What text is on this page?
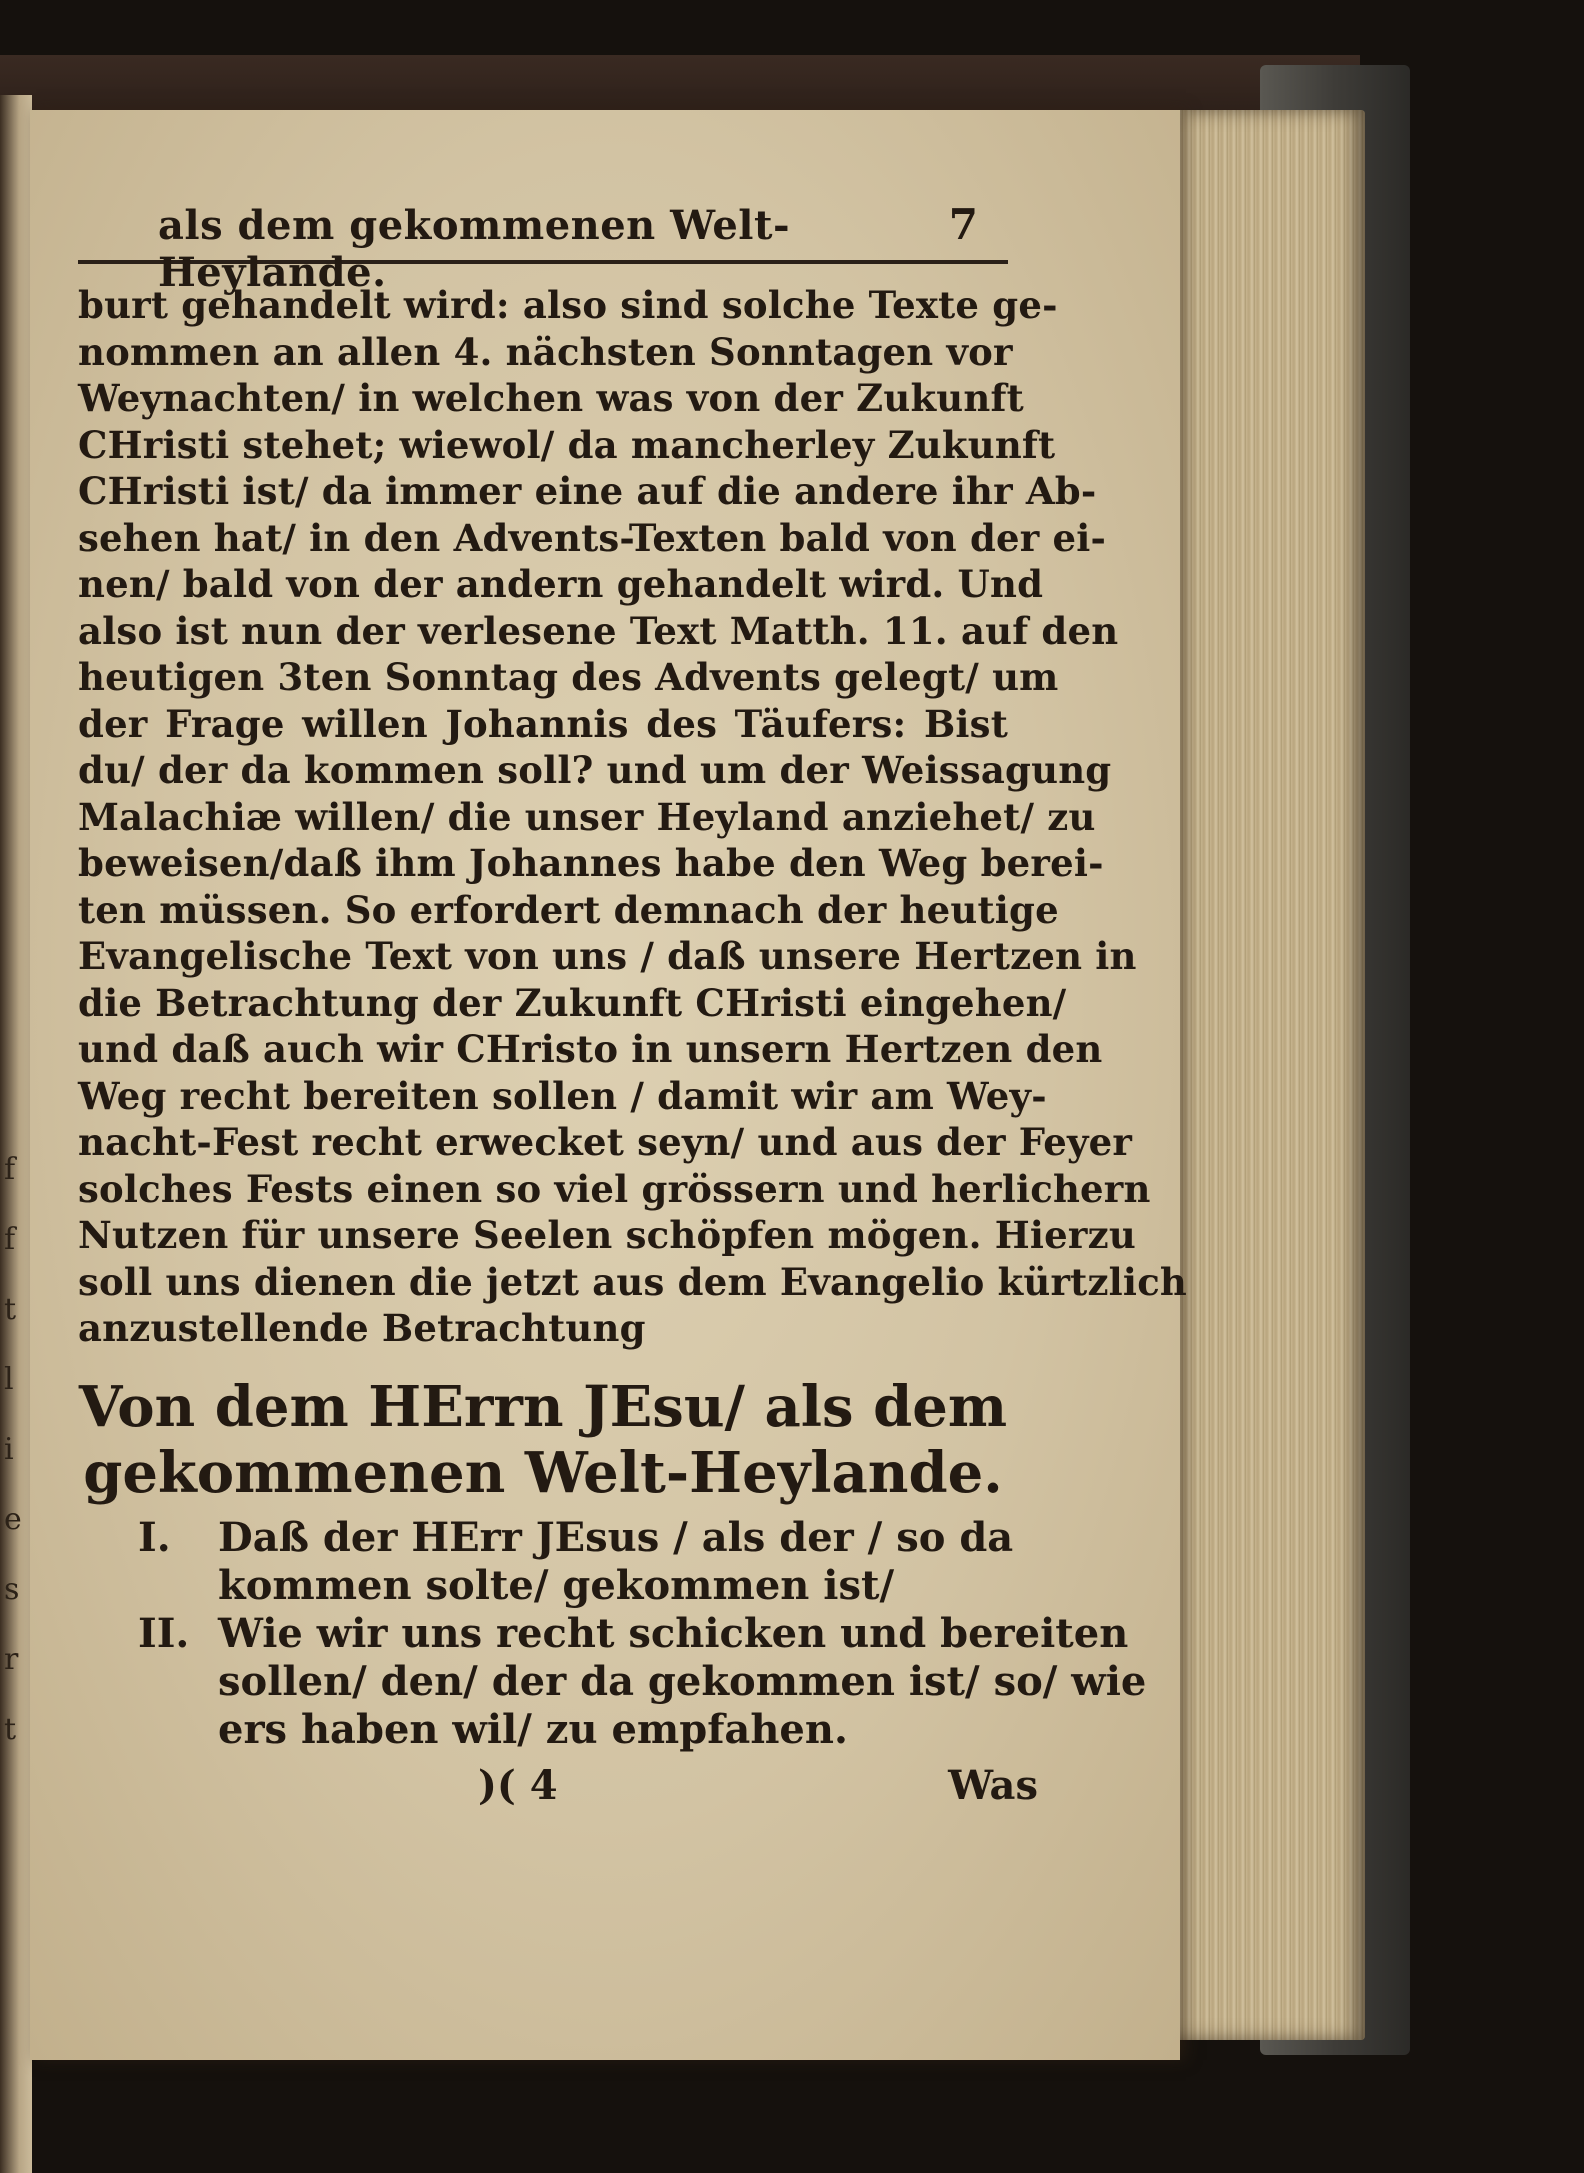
f
f
t
l
i
e
s
r
t
als dem gekommenen Welt-Heylande.
7
burt gehandelt wird: also sind solche Texte ge-
nommen an allen 4. nächsten Sonntagen vor
Weynachten/ in welchen was von der Zukunft
CHristi stehet; wiewol/ da mancherley Zukunft
CHristi ist/ da immer eine auf die andere ihr Ab-
sehen hat/ in den Advents-Texten bald von der ei-
nen/ bald von der andern gehandelt wird. Und
also ist nun der verlesene Text Matth. 11. auf den
heutigen 3ten Sonntag des Advents gelegt/ um
der Frage willen Johannis des Täufers: Bist
du/ der da kommen soll? und um der Weissagung
Malachiæ willen/ die unser Heyland anziehet/ zu
beweisen/daß ihm Johannes habe den Weg berei-
ten müssen. So erfordert demnach der heutige
Evangelische Text von uns / daß unsere Hertzen in
die Betrachtung der Zukunft CHristi eingehen/
und daß auch wir CHristo in unsern Hertzen den
Weg recht bereiten sollen / damit wir am Wey-
nacht-Fest recht erwecket seyn/ und aus der Feyer
solches Fests einen so viel grössern und herlichern
Nutzen für unsere Seelen schöpfen mögen. Hierzu
soll uns dienen die jetzt aus dem Evangelio kürtzlich
anzustellende Betrachtung
Von dem HErrn JEsu/ als dem
gekommenen Welt-Heylande.
I. Daß der HErr JEsus / als der / so da
kommen solte/ gekommen ist/
II. Wie wir uns recht schicken und bereiten
sollen/ den/ der da gekommen ist/ so/ wie
ers haben wil/ zu empfahen.
)( 4	Was
